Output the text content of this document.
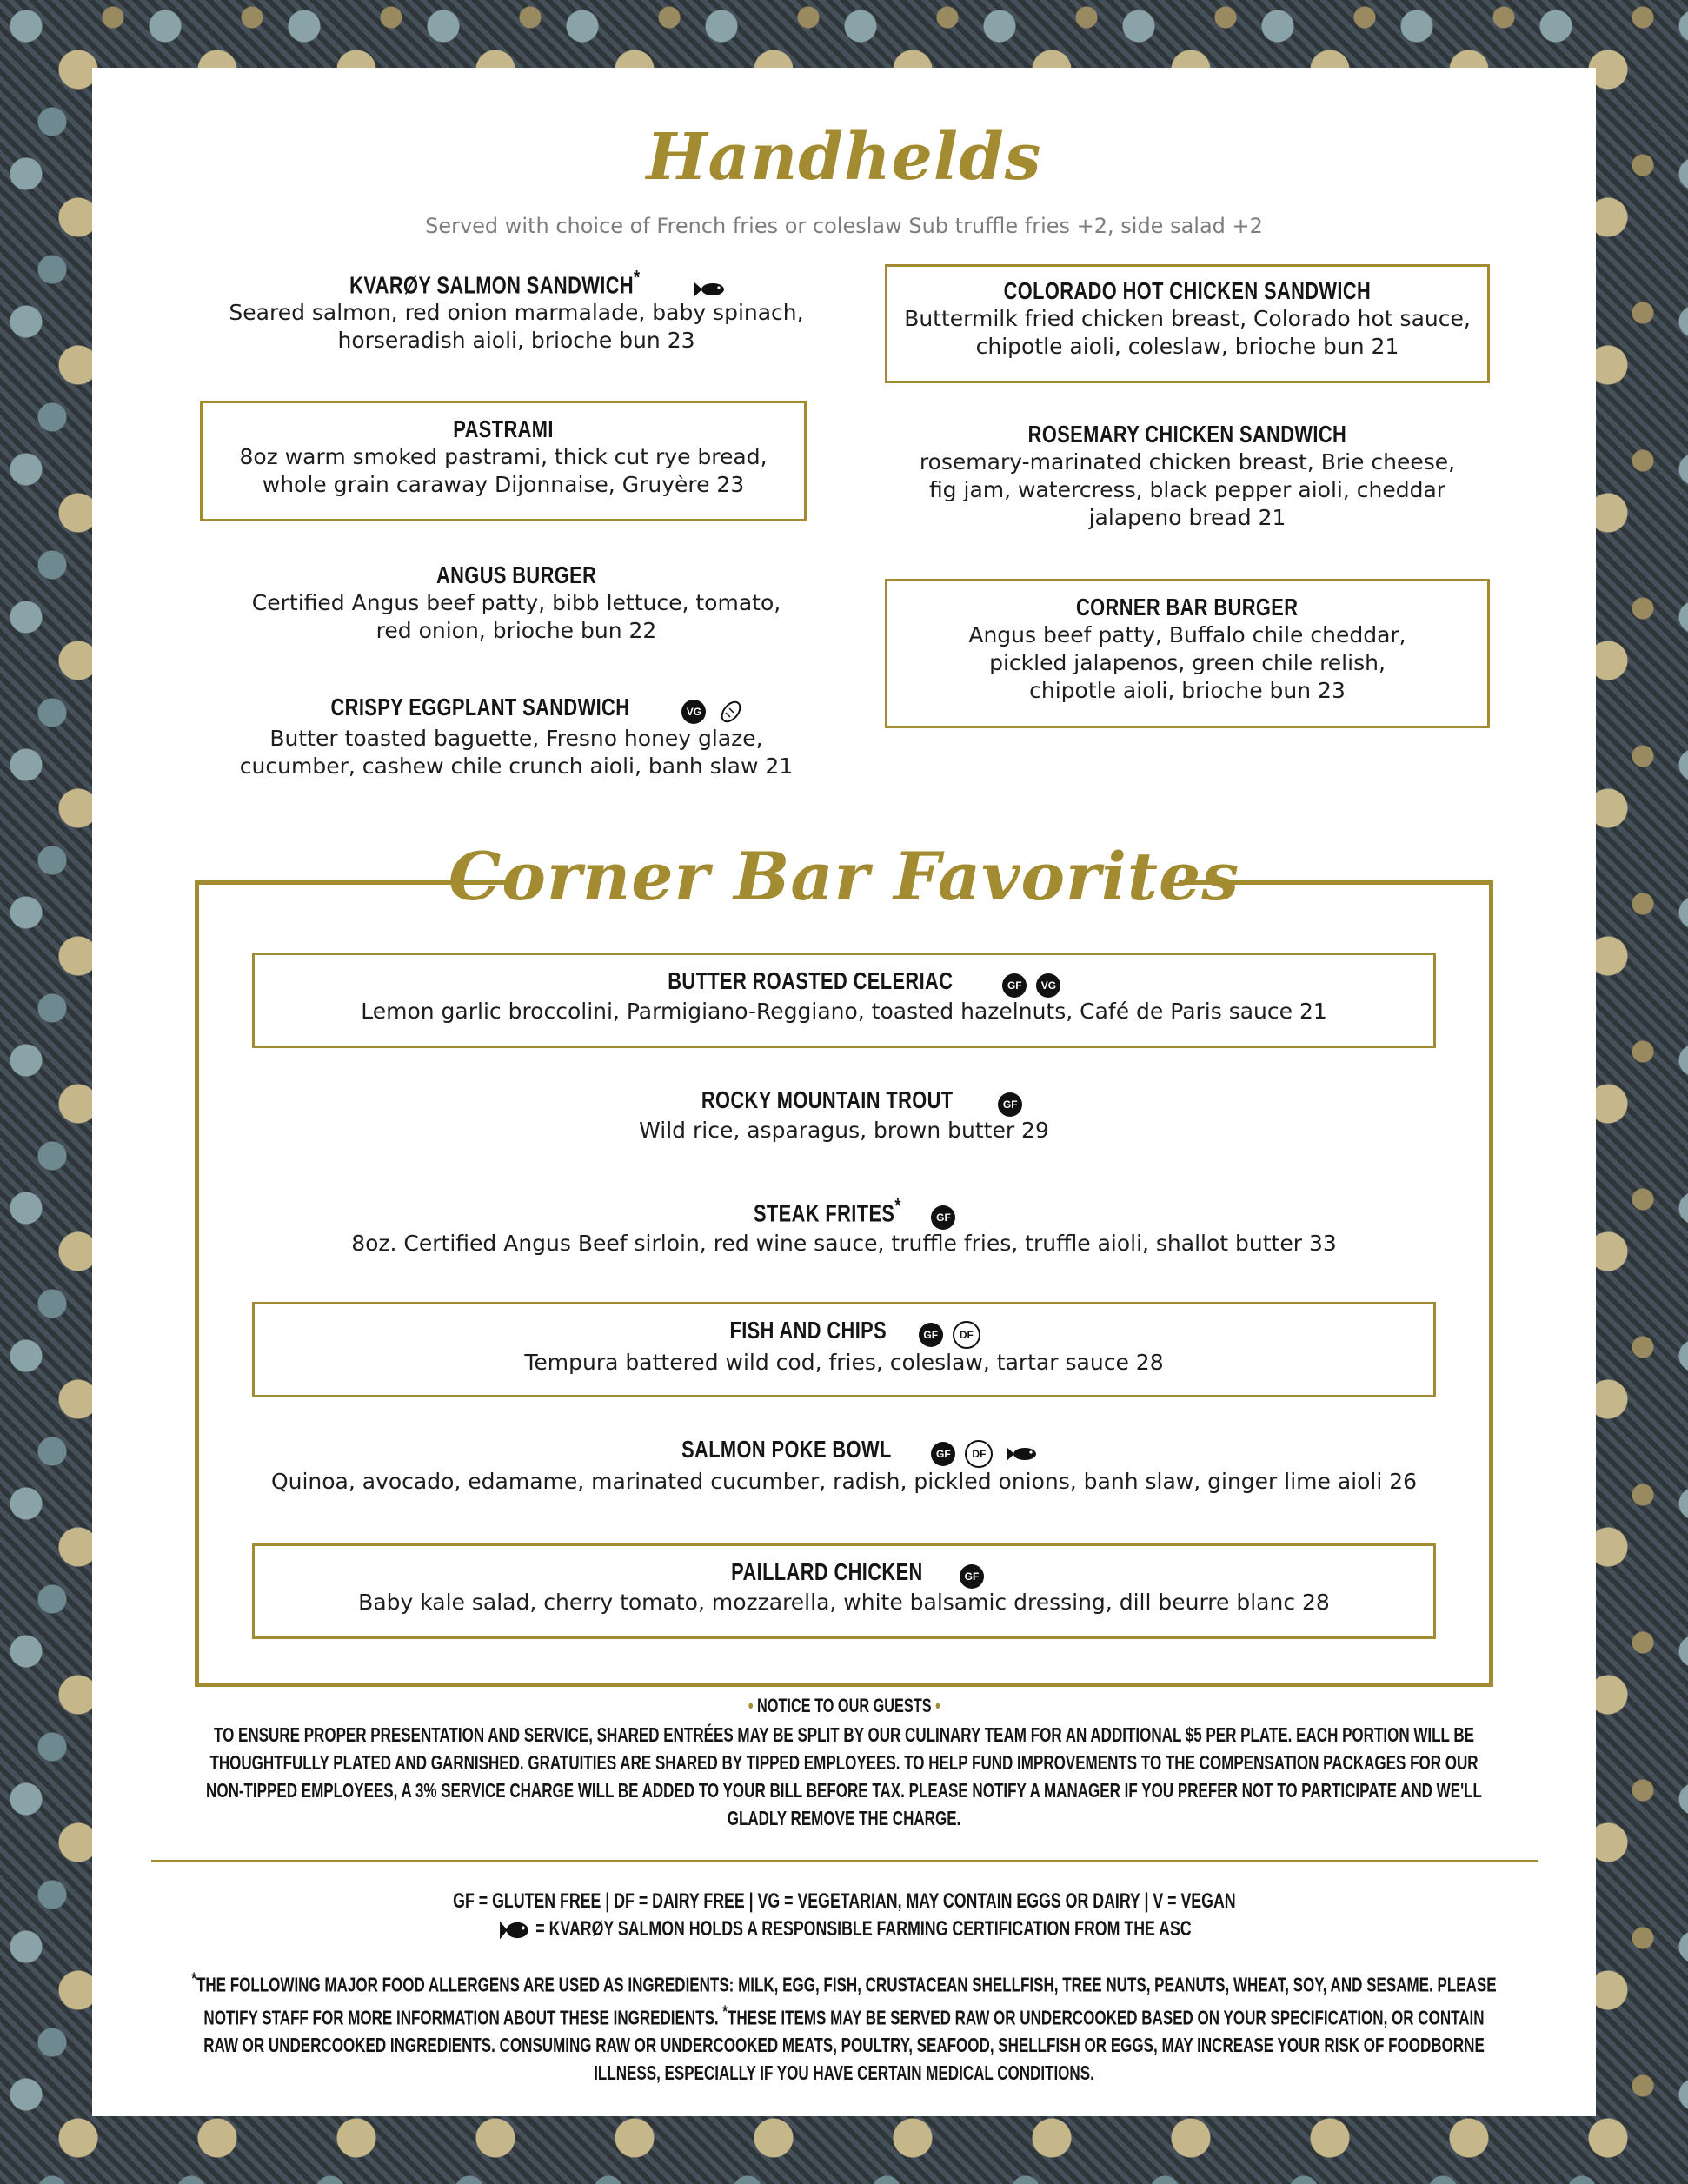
Handhelds
Served with choice of French fries or coleslaw Sub truffle fries +2, side salad +2
KVARØY SALMON SANDWICH*
Seared salmon, red onion marmalade, baby spinach, horseradish aioli, brioche bun 23
PASTRAMI
8oz warm smoked pastrami, thick cut rye bread, whole grain caraway Dijonnaise, Gruyère 23
ANGUS BURGER
Certified Angus beef patty, bibb lettuce, tomato, red onion, brioche bun 22
CRISPY EGGPLANT SANDWICH	VG
Butter toasted baguette, Fresno honey glaze, cucumber, cashew chile crunch aioli, banh slaw 21
COLORADO HOT CHICKEN SANDWICH
Buttermilk fried chicken breast, Colorado hot sauce, chipotle aioli, coleslaw, brioche bun 21
ROSEMARY CHICKEN SANDWICH
rosemary-marinated chicken breast, Brie cheese, fig jam, watercress, black pepper aioli, cheddar jalapeno bread 21
CORNER BAR BURGER
Angus beef patty, Buffalo chile cheddar, pickled jalapenos, green chile relish, chipotle aioli, brioche bun 23
Corner Bar Favorites
BUTTER ROASTED CELERIAC	GF VG
Lemon garlic broccolini, Parmigiano-Reggiano, toasted hazelnuts, Café de Paris sauce 21
ROCKY MOUNTAIN TROUT	GF
Wild rice, asparagus, brown butter 29
STEAK FRITES* GF
8oz. Certified Angus Beef sirloin, red wine sauce, truffle fries, truffle aioli, shallot butter 33
FISH AND CHIPS	GF DF
Tempura battered wild cod, fries, coleslaw, tartar sauce 28
SALMON POKE BOWL	GF DF
Quinoa, avocado, edamame, marinated cucumber, radish, pickled onions, banh slaw, ginger lime aioli 26
PAILLARD CHICKEN	GF
Baby kale salad, cherry tomato, mozzarella, white balsamic dressing, dill beurre blanc 28
• NOTICE TO OUR GUESTS •
TO ENSURE PROPER PRESENTATION AND SERVICE, SHARED ENTRÉES MAY BE SPLIT BY OUR CULINARY TEAM FOR AN ADDITIONAL $5 PER PLATE. EACH PORTION WILL BE THOUGHTFULLY PLATED AND GARNISHED. GRATUITIES ARE SHARED BY TIPPED EMPLOYEES. TO HELP FUND IMPROVEMENTS TO THE COMPENSATION PACKAGES FOR OUR NON-TIPPED EMPLOYEES, A 3% SERVICE CHARGE WILL BE ADDED TO YOUR BILL BEFORE TAX. PLEASE NOTIFY A MANAGER IF YOU PREFER NOT TO PARTICIPATE AND WE'LL GLADLY REMOVE THE CHARGE.
GF = GLUTEN FREE | DF = DAIRY FREE | VG = VEGETARIAN, MAY CONTAIN EGGS OR DAIRY | V = VEGAN
= KVARØY SALMON HOLDS A RESPONSIBLE FARMING CERTIFICATION FROM THE ASC
*THE FOLLOWING MAJOR FOOD ALLERGENS ARE USED AS INGREDIENTS: MILK, EGG, FISH, CRUSTACEAN SHELLFISH, TREE NUTS, PEANUTS, WHEAT, SOY, AND SESAME. PLEASE NOTIFY STAFF FOR MORE INFORMATION ABOUT THESE INGREDIENTS. *THESE ITEMS MAY BE SERVED RAW OR UNDERCOOKED BASED ON YOUR SPECIFICATION, OR CONTAIN RAW OR UNDERCOOKED INGREDIENTS. CONSUMING RAW OR UNDERCOOKED MEATS, POULTRY, SEAFOOD, SHELLFISH OR EGGS, MAY INCREASE YOUR RISK OF FOODBORNE ILLNESS, ESPECIALLY IF YOU HAVE CERTAIN MEDICAL CONDITIONS.
